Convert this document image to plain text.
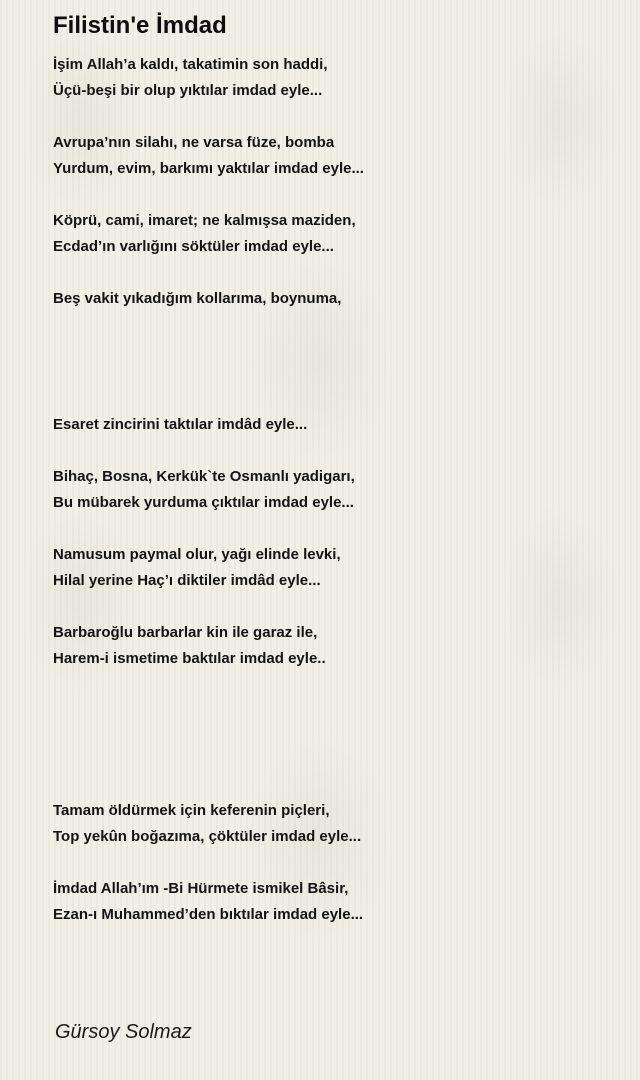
Filistin'e İmdad
İşim Allah’a kaldı, takatimin son haddi,
Üçü-beşi bir olup yıktılar imdad eyle...
Avrupa’nın silahı, ne varsa füze, bomba
Yurdum, evim, barkımı yaktılar imdad eyle...
Köprü, cami, imaret; ne kalmışsa maziden,
Ecdad’ın varlığını söktüler imdad eyle...
Beş vakit yıkadığım kollarıma, boynuma,
Esaret zincirini taktılar imdâd eyle...
Bihaç, Bosna, Kerkük`te Osmanlı yadigarı,
Bu mübarek yurduma çıktılar imdad eyle...
Namusum paymal olur, yağı elinde levki,
Hilal yerine Haç’ı diktiler imdâd eyle...
Barbaroğlu barbarlar kin ile garaz ile,
Harem-i ismetime baktılar imdad eyle..
Tamam öldürmek için keferenin piçleri,
Top yekûn boğazıma, çöktüler imdad eyle...
İmdad Allah’ım -Bi Hürmete ismikel Bâsir,
Ezan-ı Muhammed’den bıktılar imdad eyle...
Gürsoy Solmaz
